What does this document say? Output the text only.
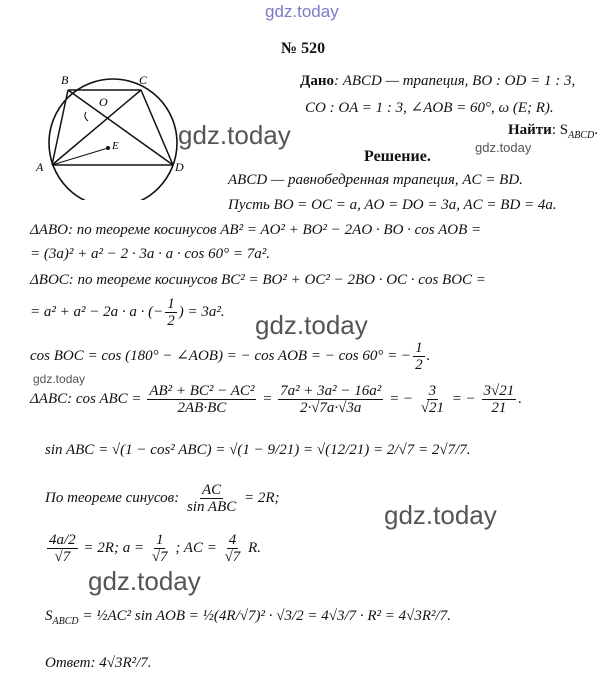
gdz.today
№ 520
A
B	C
D
O
E
Дано: ABCD — трапеция, BO : OD = 1 : 3,
CO : OA = 1 : 3, ∠AOB = 60°, ω (E; R).
Найти: $S_{ABCD}$.
gdz.today	gdz.today
Решение.
ABCD — равнобедренная трапеция, AC = BD.
Пусть BO = OC = a, AO = DO = 3a, AC = BD = 4a.
ΔABO: по теореме косинусов AB² = AO² + BO² − 2AO · BO · cos AOB =
= (3a)² + a² − 2 · 3a · a · cos 60° = 7a².
ΔBOC: по теореме косинусов BC² = BO² + OC² − 2BO · OC · cos BOC =
= a² + a² − 2a · a · (− $\frac{1}{2}$ ) = 3a². gdz.today
cos BOC = cos (180° − ∠AOB) = − cos AOB = − cos 60° = − $\frac{1}{2}$ .
gdz.today
ΔABC: cos ABC = $\frac{\text{AB² + BC² − AC²}}{2AB\cdot BC} = \frac{\text{7a² + 3a² − 16a²}}{2\cdot√7a\cdot√3a}$ = − $\frac{3}{√21}$ = − $\frac{3√21}{21}$ .
sin ABC = √(1 − cos² ABC) = √(1 − 9/21) = √(12/21) = 2/√7 = 2√7/7.
По теореме синусов: $\frac{AC}{\text{sin ABC}} = 2R$;
gdz.today
$\frac{4a/2}{√7} = 2R$; $a = \frac{1}{√7}$ ; AC = $\frac{4}{√7} R$.
gdz.today
$S_{ABCD}$ = ½AC² sin AOB = ½(4R/√7)² · √3/2 = 4√3/7 · R² = 4√3R²/7.
Ответ: 4√3R²/7.
